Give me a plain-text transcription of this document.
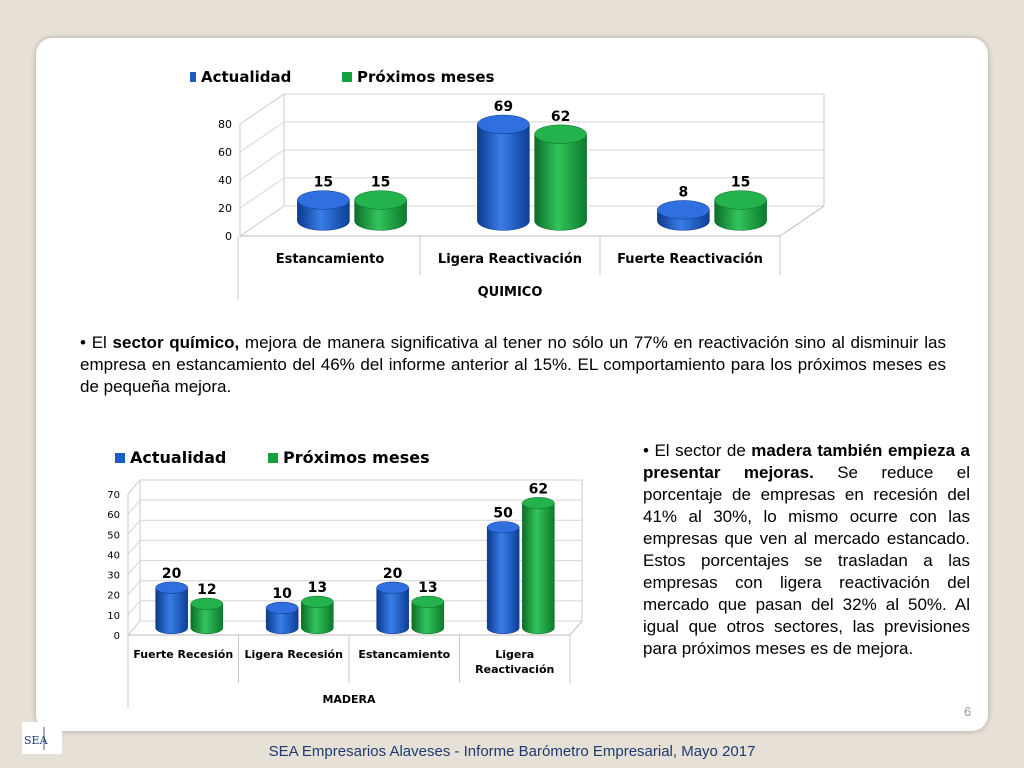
Actualidad	Próximos meses
0
20
40
60
80
15	15
69
62
8
15
Estancamiento	Ligera Reactivación	Fuerte Reactivación
QUIMICO

• El sector químico, mejora de manera significativa al tener no sólo un 77% en reactivación sino al disminuir las empresa en estancamiento del 46% del informe anterior al 15%. EL comportamiento para los próximos meses es de pequeña mejora.

Actualidad	Próximos meses
0
10
20
30
40
50
60
70
20
12	10 13
20
13
50
62
Fuerte Recesión Ligera Recesión Estancamiento	Ligera
Reactivación
MADERA

• El sector de madera también empieza a presentar mejoras. Se reduce el porcentaje de empresas en recesión del 41% al 30%, lo mismo ocurre con las empresas que ven al mercado estancado. Estos porcentajes se trasladan a las empresas con ligera reactivación del mercado que pasan del 32% al 50%. Al igual que otros sectores, las previsiones para próximos meses es de mejora.

6
SEA
SEA Empresarios Alaveses - Informe Barómetro Empresarial, Mayo 2017
